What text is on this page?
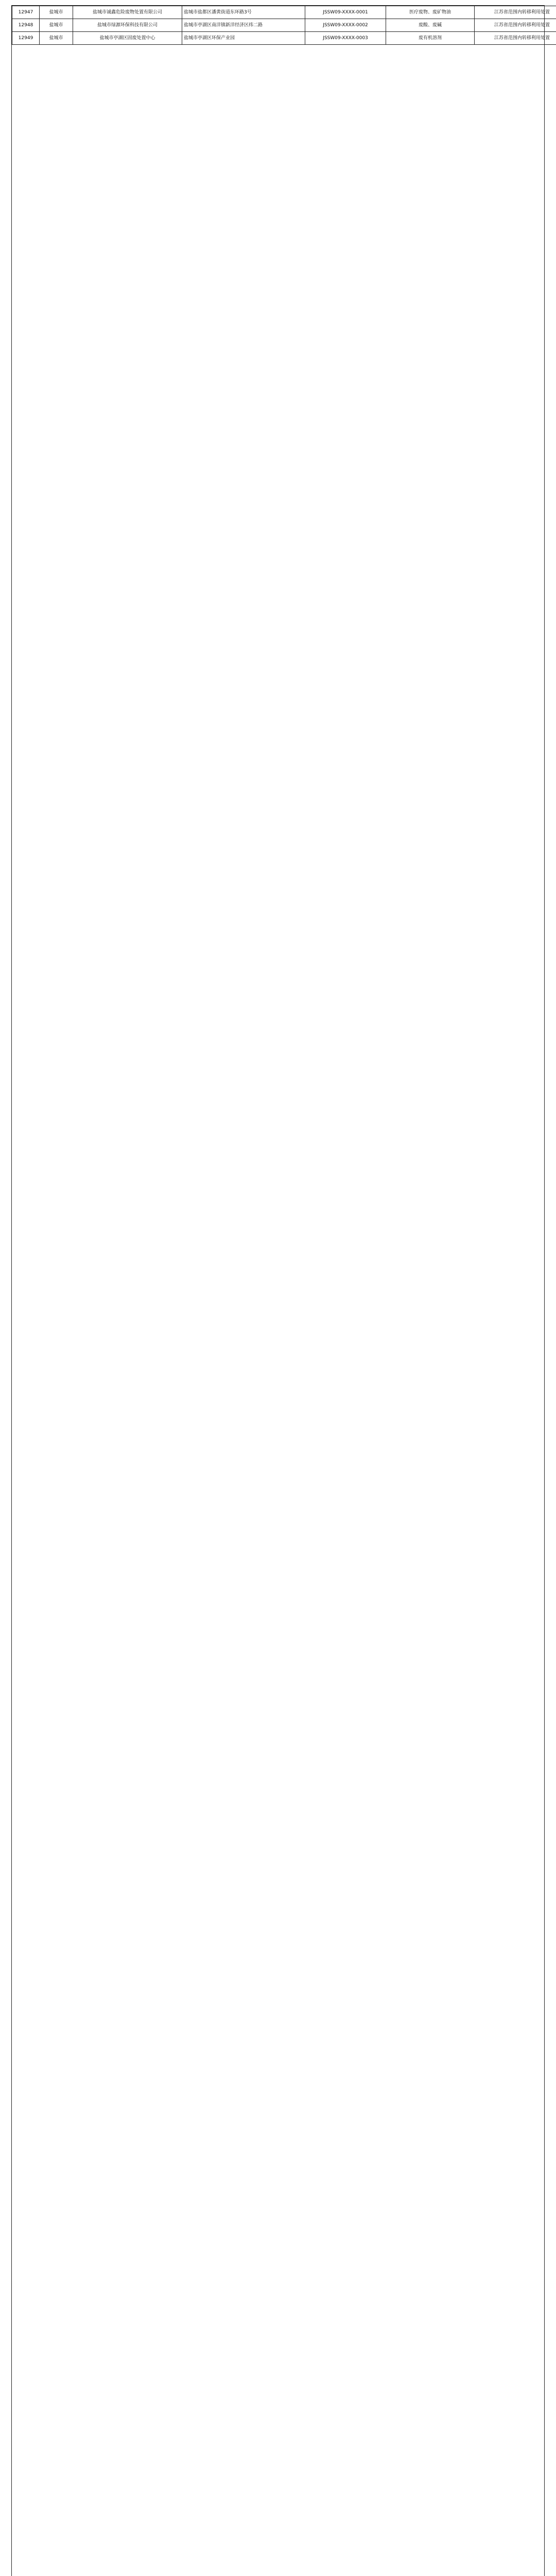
12947	盐城市	盐城市诚鑫危险废物处置有限公司	盐城市盐都区潘黄街道东环路3号	JSSW09-XXXX-0001	医疗废物、废矿物油	江苏省范围内转移利用处置
12948	盐城市	盐城市绿源环保科技有限公司	盐城市亭湖区南洋镇新洋经济区纬二路	JSSW09-XXXX-0002	废酸、废碱	江苏省范围内转移利用处置
12949	盐城市	盐城市亭湖区固废处置中心	盐城市亭湖区环保产业园	JSSW09-XXXX-0003	废有机溶剂	江苏省范围内转移利用处置
